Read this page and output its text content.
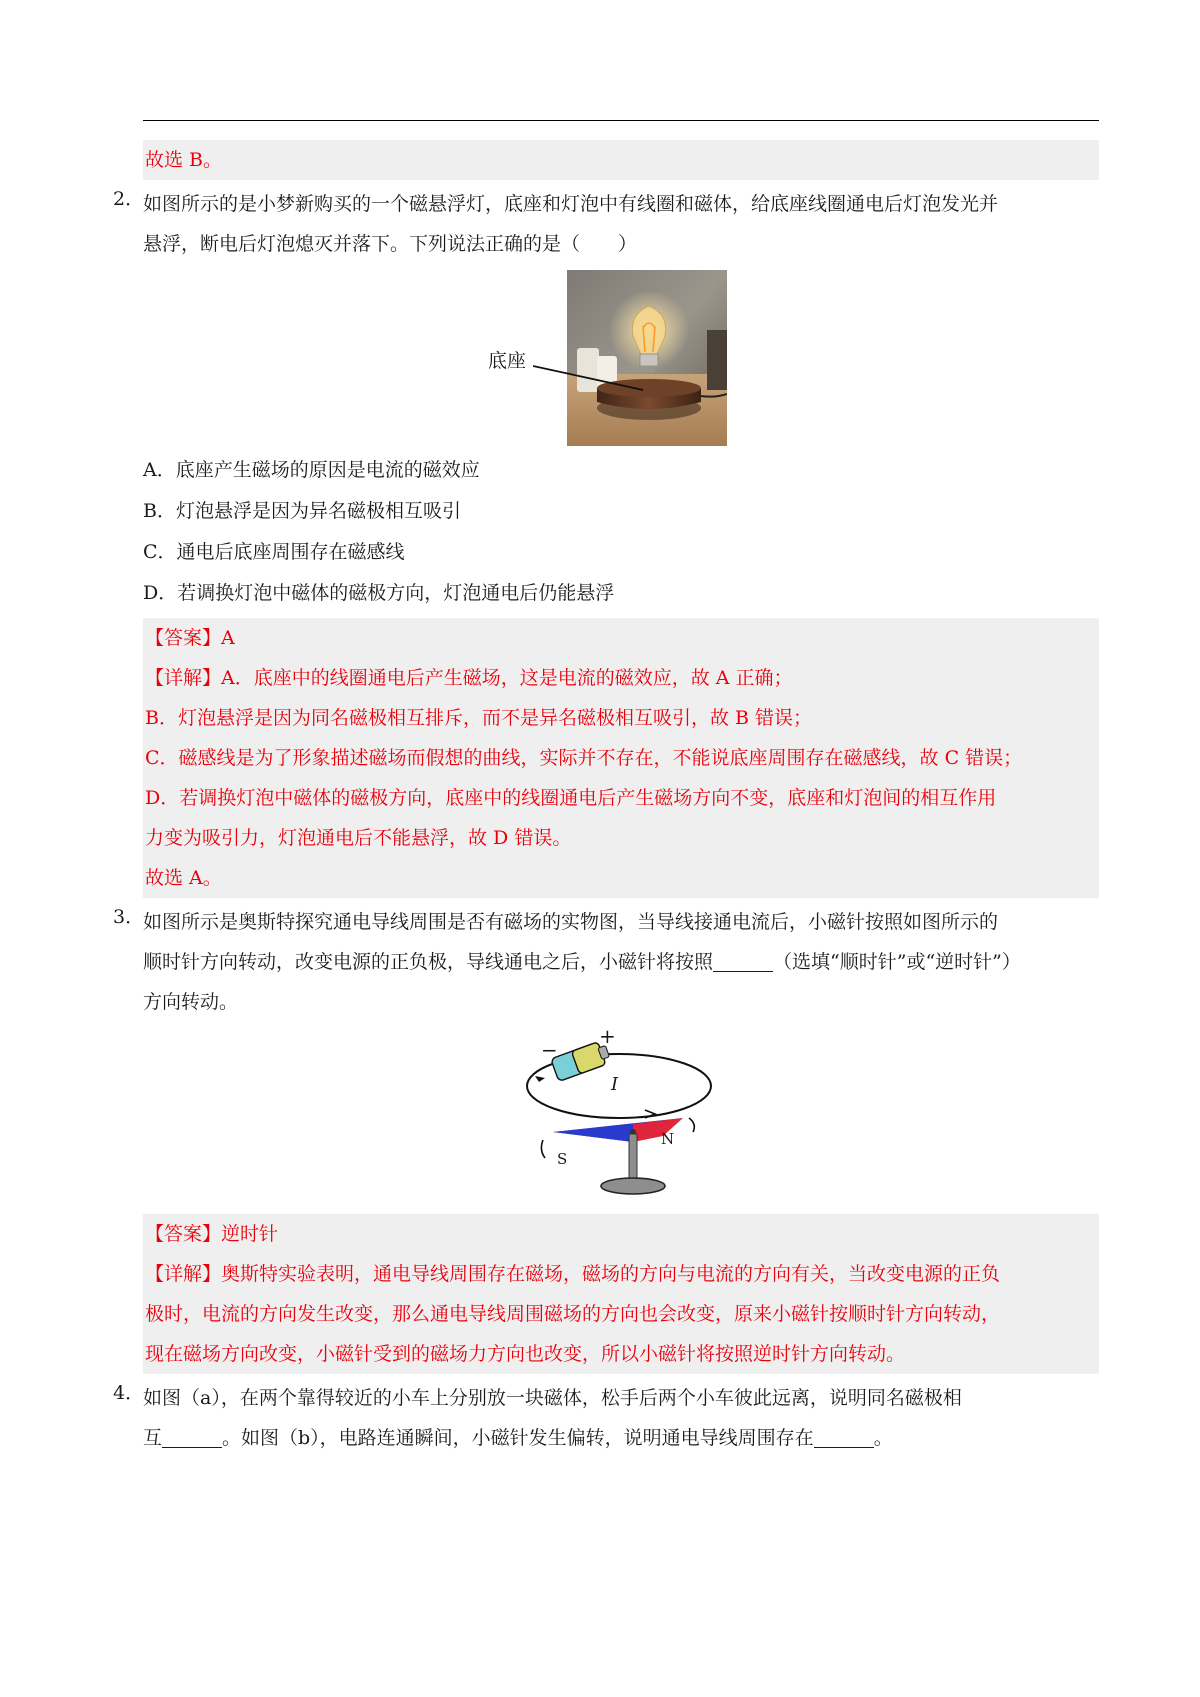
故选 B。
2．
如图所示的是小梦新购买的一个磁悬浮灯，底座和灯泡中有线圈和磁体，给底座线圈通电后灯泡发光并
悬浮，断电后灯泡熄灭并落下。下列说法正确的是（　　）
底座
A．底座产生磁场的原因是电流的磁效应
B．灯泡悬浮是因为异名磁极相互吸引
C．通电后底座周围存在磁感线
D．若调换灯泡中磁体的磁极方向，灯泡通电后仍能悬浮
【答案】A
【详解】A．底座中的线圈通电后产生磁场，这是电流的磁效应，故 A 正确；
B．灯泡悬浮是因为同名磁极相互排斥，而不是异名磁极相互吸引，故 B 错误；
C．磁感线是为了形象描述磁场而假想的曲线，实际并不存在，不能说底座周围存在磁感线，故 C 错误；
D．若调换灯泡中磁体的磁极方向，底座中的线圈通电后产生磁场方向不变，底座和灯泡间的相互作用
力变为吸引力，灯泡通电后不能悬浮，故 D 错误。
故选 A。
3．
如图所示是奥斯特探究通电导线周围是否有磁场的实物图，当导线接通电流后，小磁针按照如图所示的
顺时针方向转动，改变电源的正负极，导线通电之后，小磁针将按照	（选填“顺时针”或“逆时针”）
方向转动。
−
+
I
S
N
【答案】逆时针
【详解】奥斯特实验表明，通电导线周围存在磁场，磁场的方向与电流的方向有关，当改变电源的正负
极时，电流的方向发生改变，那么通电导线周围磁场的方向也会改变，原来小磁针按顺时针方向转动，
现在磁场方向改变，小磁针受到的磁场力方向也改变，所以小磁针将按照逆时针方向转动。
4．
如图（a），在两个靠得较近的小车上分别放一块磁体，松手后两个小车彼此远离，说明同名磁极相
互	。如图（b），电路连通瞬间，小磁针发生偏转，说明通电导线周围存在	。
